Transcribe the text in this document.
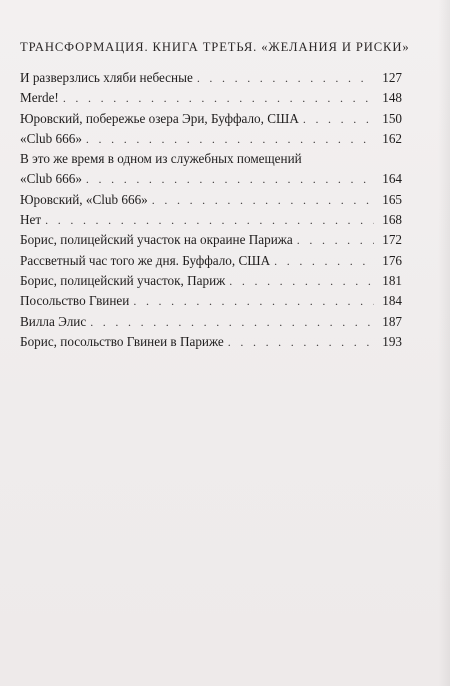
ТРАНСФОРМАЦИЯ. КНИГА ТРЕТЬЯ. «ЖЕЛАНИЯ И РИСКИ»
И разверзлись хляби небесные . . .	127
Merde! . . .	148
Юровский, побережье озера Эри, Буффало, США . . .	150
«Club 666» . . .	162
В это же время в одном из служебных помещений
«Club 666» . . .	164
Юровский, «Club 666» . . .	165
Нет . . .	168
Борис, полицейский участок на окраине Парижа . . .	172
Рассветный час того же дня. Буффало, США . . .	176
Борис, полицейский участок, Париж . . .	181
Посольство Гвинеи . . .	184
Вилла Элис . . .	187
Борис, посольство Гвинеи в Париже . . .	193
